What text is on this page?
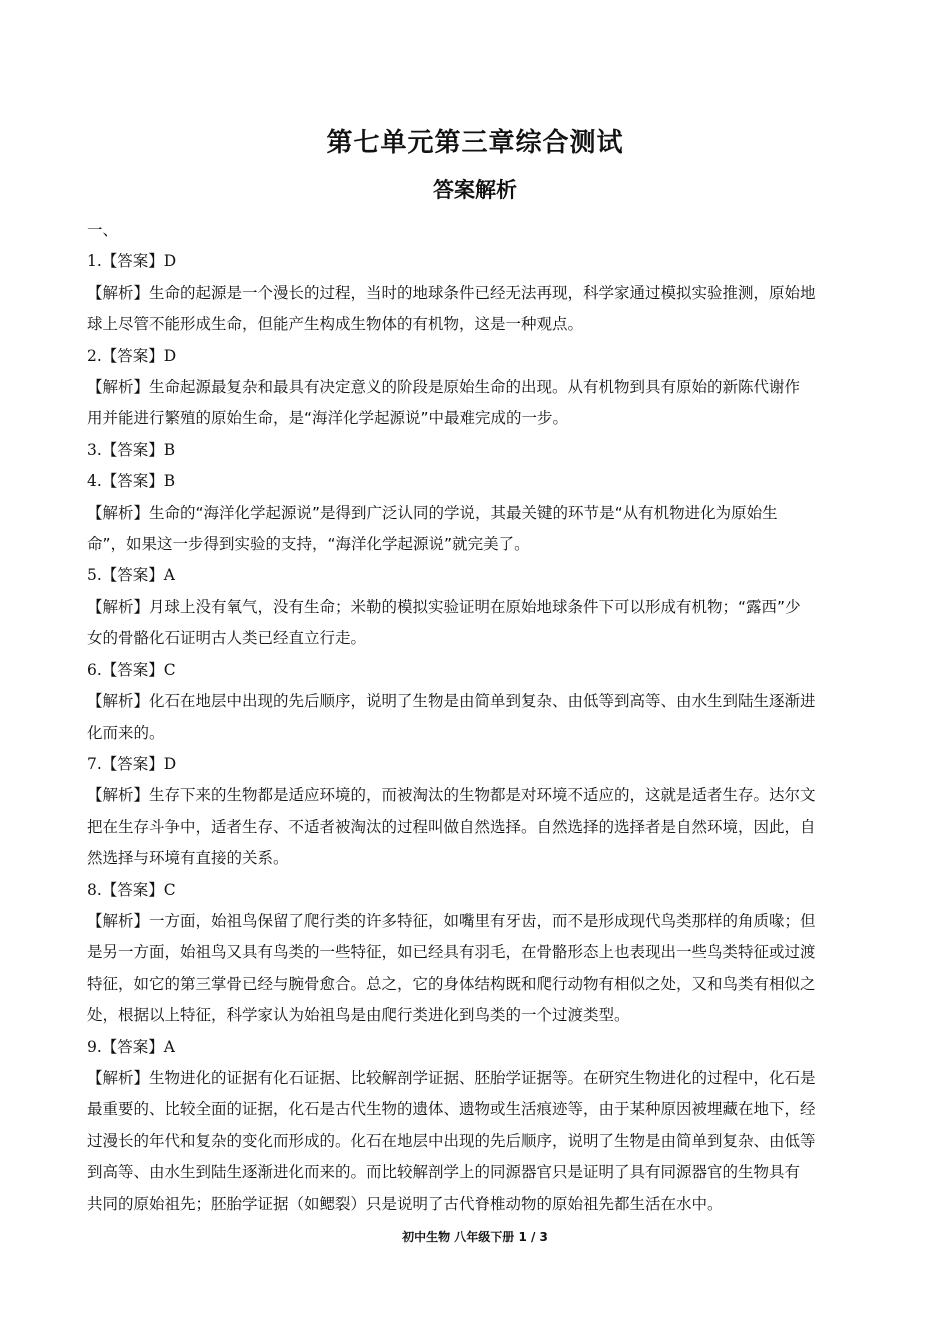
第七单元第三章综合测试
答案解析
一、
1.【答案】D
【解析】生命的起源是一个漫长的过程，当时的地球条件已经无法再现，科学家通过模拟实验推测，原始地
球上尽管不能形成生命，但能产生构成生物体的有机物，这是一种观点。
2.【答案】D
【解析】生命起源最复杂和最具有决定意义的阶段是原始生命的出现。从有机物到具有原始的新陈代谢作
用并能进行繁殖的原始生命，是“海洋化学起源说”中最难完成的一步。
3.【答案】B
4.【答案】B
【解析】生命的“海洋化学起源说”是得到广泛认同的学说，其最关键的环节是“从有机物进化为原始生
命”，如果这一步得到实验的支持，“海洋化学起源说”就完美了。
5.【答案】A
【解析】月球上没有氧气，没有生命；米勒的模拟实验证明在原始地球条件下可以形成有机物；“露西”少
女的骨骼化石证明古人类已经直立行走。
6.【答案】C
【解析】化石在地层中出现的先后顺序，说明了生物是由简单到复杂、由低等到高等、由水生到陆生逐渐进
化而来的。
7.【答案】D
【解析】生存下来的生物都是适应环境的，而被淘汰的生物都是对环境不适应的，这就是适者生存。达尔文
把在生存斗争中，适者生存、不适者被淘汰的过程叫做自然选择。自然选择的选择者是自然环境，因此，自
然选择与环境有直接的关系。
8.【答案】C
【解析】一方面，始祖鸟保留了爬行类的许多特征，如嘴里有牙齿，而不是形成现代鸟类那样的角质喙；但
是另一方面，始祖鸟又具有鸟类的一些特征，如已经具有羽毛，在骨骼形态上也表现出一些鸟类特征或过渡
特征，如它的第三掌骨已经与腕骨愈合。总之，它的身体结构既和爬行动物有相似之处，又和鸟类有相似之
处，根据以上特征，科学家认为始祖鸟是由爬行类进化到鸟类的一个过渡类型。
9.【答案】A
【解析】生物进化的证据有化石证据、比较解剖学证据、胚胎学证据等。在研究生物进化的过程中，化石是
最重要的、比较全面的证据，化石是古代生物的遗体、遗物或生活痕迹等，由于某种原因被埋藏在地下，经
过漫长的年代和复杂的变化而形成的。化石在地层中出现的先后顺序，说明了生物是由简单到复杂、由低等
到高等、由水生到陆生逐渐进化而来的。而比较解剖学上的同源器官只是证明了具有同源器官的生物具有
共同的原始祖先；胚胎学证据（如鳃裂）只是说明了古代脊椎动物的原始祖先都生活在水中。
初中生物 八年级下册 1 / 3
